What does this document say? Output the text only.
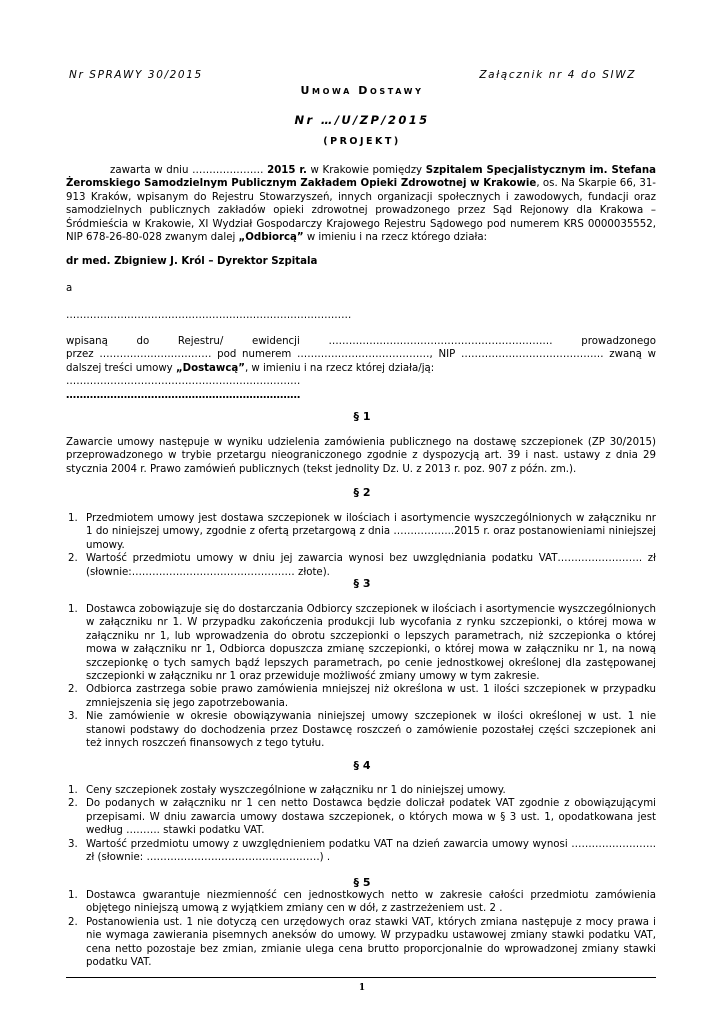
Nr SPRAWY 30/2015	Załącznik nr 4 do SIWZ
Umowa Dostawy
Nr …/U/ZP/2015
(PROJEKT)

zawarta w dniu ………………… 2015 r. w Krakowie pomiędzy Szpitalem Specjalistycznym im. Stefana Żeromskiego Samodzielnym Publicznym Zakładem Opieki Zdrowotnej w Krakowie, os. Na Skarpie 66, 31-913 Kraków, wpisanym do Rejestru Stowarzyszeń, innych organizacji społecznych i zawodowych, fundacji oraz samodzielnych publicznych zakładów opieki zdrowotnej prowadzonego przez Sąd Rejonowy dla Krakowa – Śródmieścia w Krakowie, XI Wydział Gospodarczy Krajowego Rejestru Sądowego pod numerem KRS 0000035552, NIP 678-26-80-028 zwanym dalej „Odbiorcą” w imieniu i na rzecz którego działa:

dr med. Zbigniew J. Król – Dyrektor Szpitala
a
…………………………………………………………………………
wpisaną	do	Rejestru/	ewidencji	…………………………………………………………	prowadzonego
przez …………………………… pod numerem …………………………………, NIP …………………………………… zwaną w
dalszej treści umowy „Dostawcą”, w imieniu i na rzecz której działa/ją:
……………………………………………………………
……………………………………………………………
§ 1
Zawarcie umowy następuje w wyniku udzielenia zamówienia publicznego na dostawę szczepionek (ZP 30/2015) przeprowadzonego w trybie przetargu nieograniczonego zgodnie z dyspozycją art. 39 i nast. ustawy z dnia 29 stycznia 2004 r. Prawo zamówień publicznych (tekst jednolity Dz. U. z 2013 r. poz. 907 z późn. zm.).
§ 2
1. Przedmiotem umowy jest dostawa szczepionek w ilościach i asortymencie wyszczególnionych w załączniku nr 1 do niniejszej umowy, zgodnie z ofertą przetargową z dnia ……………...2015 r. oraz postanowieniami niniejszej umowy.
2. Wartość przedmiotu umowy w dniu jej zawarcia wynosi bez uwzględniania podatku VAT……………………. zł (słownie:………………………………………… złote).
§ 3
1. Dostawca zobowiązuje się do dostarczania Odbiorcy szczepionek w ilościach i asortymencie wyszczególnionych w załączniku nr 1. W przypadku zakończenia produkcji lub wycofania z rynku szczepionki, o której mowa w załączniku nr 1, lub wprowadzenia do obrotu szczepionki o lepszych parametrach, niż szczepionka o której mowa w załączniku nr 1, Odbiorca dopuszcza zmianę szczepionki, o której mowa w załączniku nr 1, na nową szczepionkę o tych samych bądź lepszych parametrach, po cenie jednostkowej określonej dla zastępowanej szczepionki w załączniku nr 1 oraz przewiduje możliwość zmiany umowy w tym zakresie.
2. Odbiorca zastrzega sobie prawo zamówienia mniejszej niż określona w ust. 1 ilości szczepionek w przypadku zmniejszenia się jego zapotrzebowania.
3. Nie zamówienie w okresie obowiązywania niniejszej umowy szczepionek w ilości określonej w ust. 1 nie stanowi podstawy do dochodzenia przez Dostawcę roszczeń o zamówienie pozostałej części szczepionek ani też innych roszczeń finansowych z tego tytułu.
§ 4
1. Ceny szczepionek zostały wyszczególnione w załączniku nr 1 do niniejszej umowy.
2. Do podanych w załączniku nr 1 cen netto Dostawca będzie doliczał podatek VAT zgodnie z obowiązującymi przepisami. W dniu zawarcia umowy dostawa szczepionek, o których mowa w § 3 ust. 1, opodatkowana jest według ………. stawki podatku VAT.
3. Wartość przedmiotu umowy z uwzględnieniem podatku VAT na dzień zawarcia umowy wynosi ……………………. zł (słownie: ……………………………………………) .
§ 5
1. Dostawca gwarantuje niezmienność cen jednostkowych netto w zakresie całości przedmiotu zamówienia objętego niniejszą umową z wyjątkiem zmiany cen w dół, z zastrzeżeniem ust. 2 .
2. Postanowienia ust. 1 nie dotyczą cen urzędowych oraz stawki VAT, których zmiana następuje z mocy prawa i nie wymaga zawierania pisemnych aneksów do umowy. W przypadku ustawowej zmiany stawki podatku VAT, cena netto pozostaje bez zmian, zmianie ulega cena brutto proporcjonalnie do wprowadzonej zmiany stawki podatku VAT.
1
